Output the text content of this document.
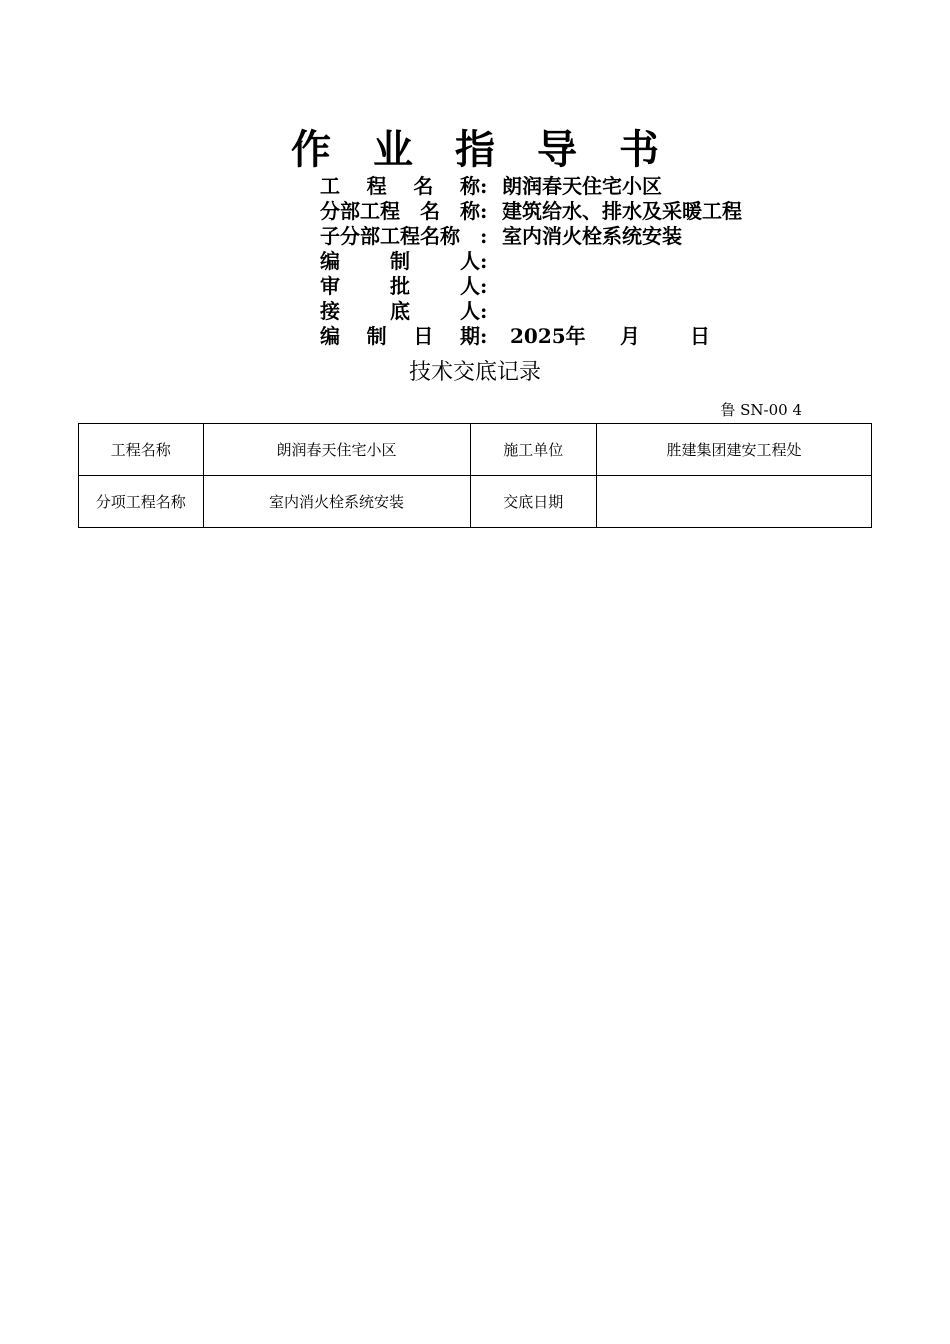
作业指导书
工 程 名 称 : 朗润春天住宅小区
分部工程 名 称 : 建筑给水、排水及采暖工程
子分部工程名称 : 室内消火栓系统安装
编	制	人 :
审	批	人 :
接	底	人 :
编 制 日 期 :	2025年	月	日
技术交底记录
鲁 SN-00 4
工程名称	朗润春天住宅小区	施工单位	胜建集团建安工程处
分项工程名称	室内消火栓系统安装	交底日期	
